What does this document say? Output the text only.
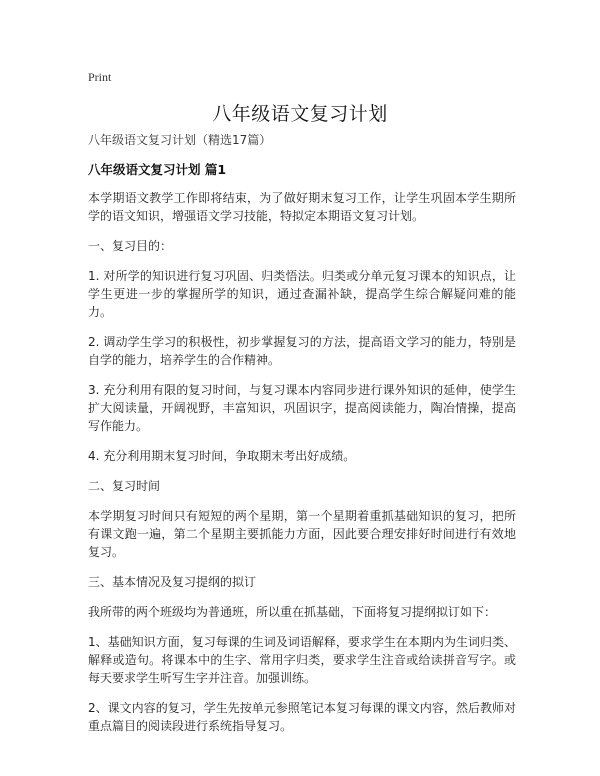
Print
八年级语文复习计划

八年级语文复习计划（精选17篇）

八年级语文复习计划 篇1

本学期语文教学工作即将结束，为了做好期末复习工作，让学生巩固本学生期所学的语文知识，增强语文学习技能，特拟定本期语文复习计划。

一、复习目的：

1. 对所学的知识进行复习巩固、归类悟法。归类或分单元复习课本的知识点，让学生更进一步的掌握所学的知识，通过查漏补缺，提高学生综合解疑问难的能力。

2. 调动学生学习的积极性，初步掌握复习的方法，提高语文学习的能力，特别是自学的能力，培养学生的合作精神。

3. 充分利用有限的复习时间，与复习课本内容同步进行课外知识的延伸，使学生扩大阅读量，开阔视野，丰富知识，巩固识字，提高阅读能力，陶冶情操，提高写作能力。

4. 充分利用期末复习时间，争取期末考出好成绩。

二、复习时间

本学期复习时间只有短短的两个星期，第一个星期着重抓基础知识的复习，把所有课文跑一遍，第二个星期主要抓能力方面，因此要合理安排好时间进行有效地复习。

三、基本情况及复习提纲的拟订

我所带的两个班级均为普通班，所以重在抓基础，下面将复习提纲拟订如下：

1、基础知识方面，复习每课的生词及词语解释，要求学生在本期内为生词归类、解释或造句。将课本中的生字、常用字归类，要求学生注音或给读拼音写字。或每天要求学生听写生字并注音。加强训练。

2、课文内容的复习，学生先按单元参照笔记本复习每课的课文内容，然后教师对重点篇目的阅读段进行系统指导复习。
